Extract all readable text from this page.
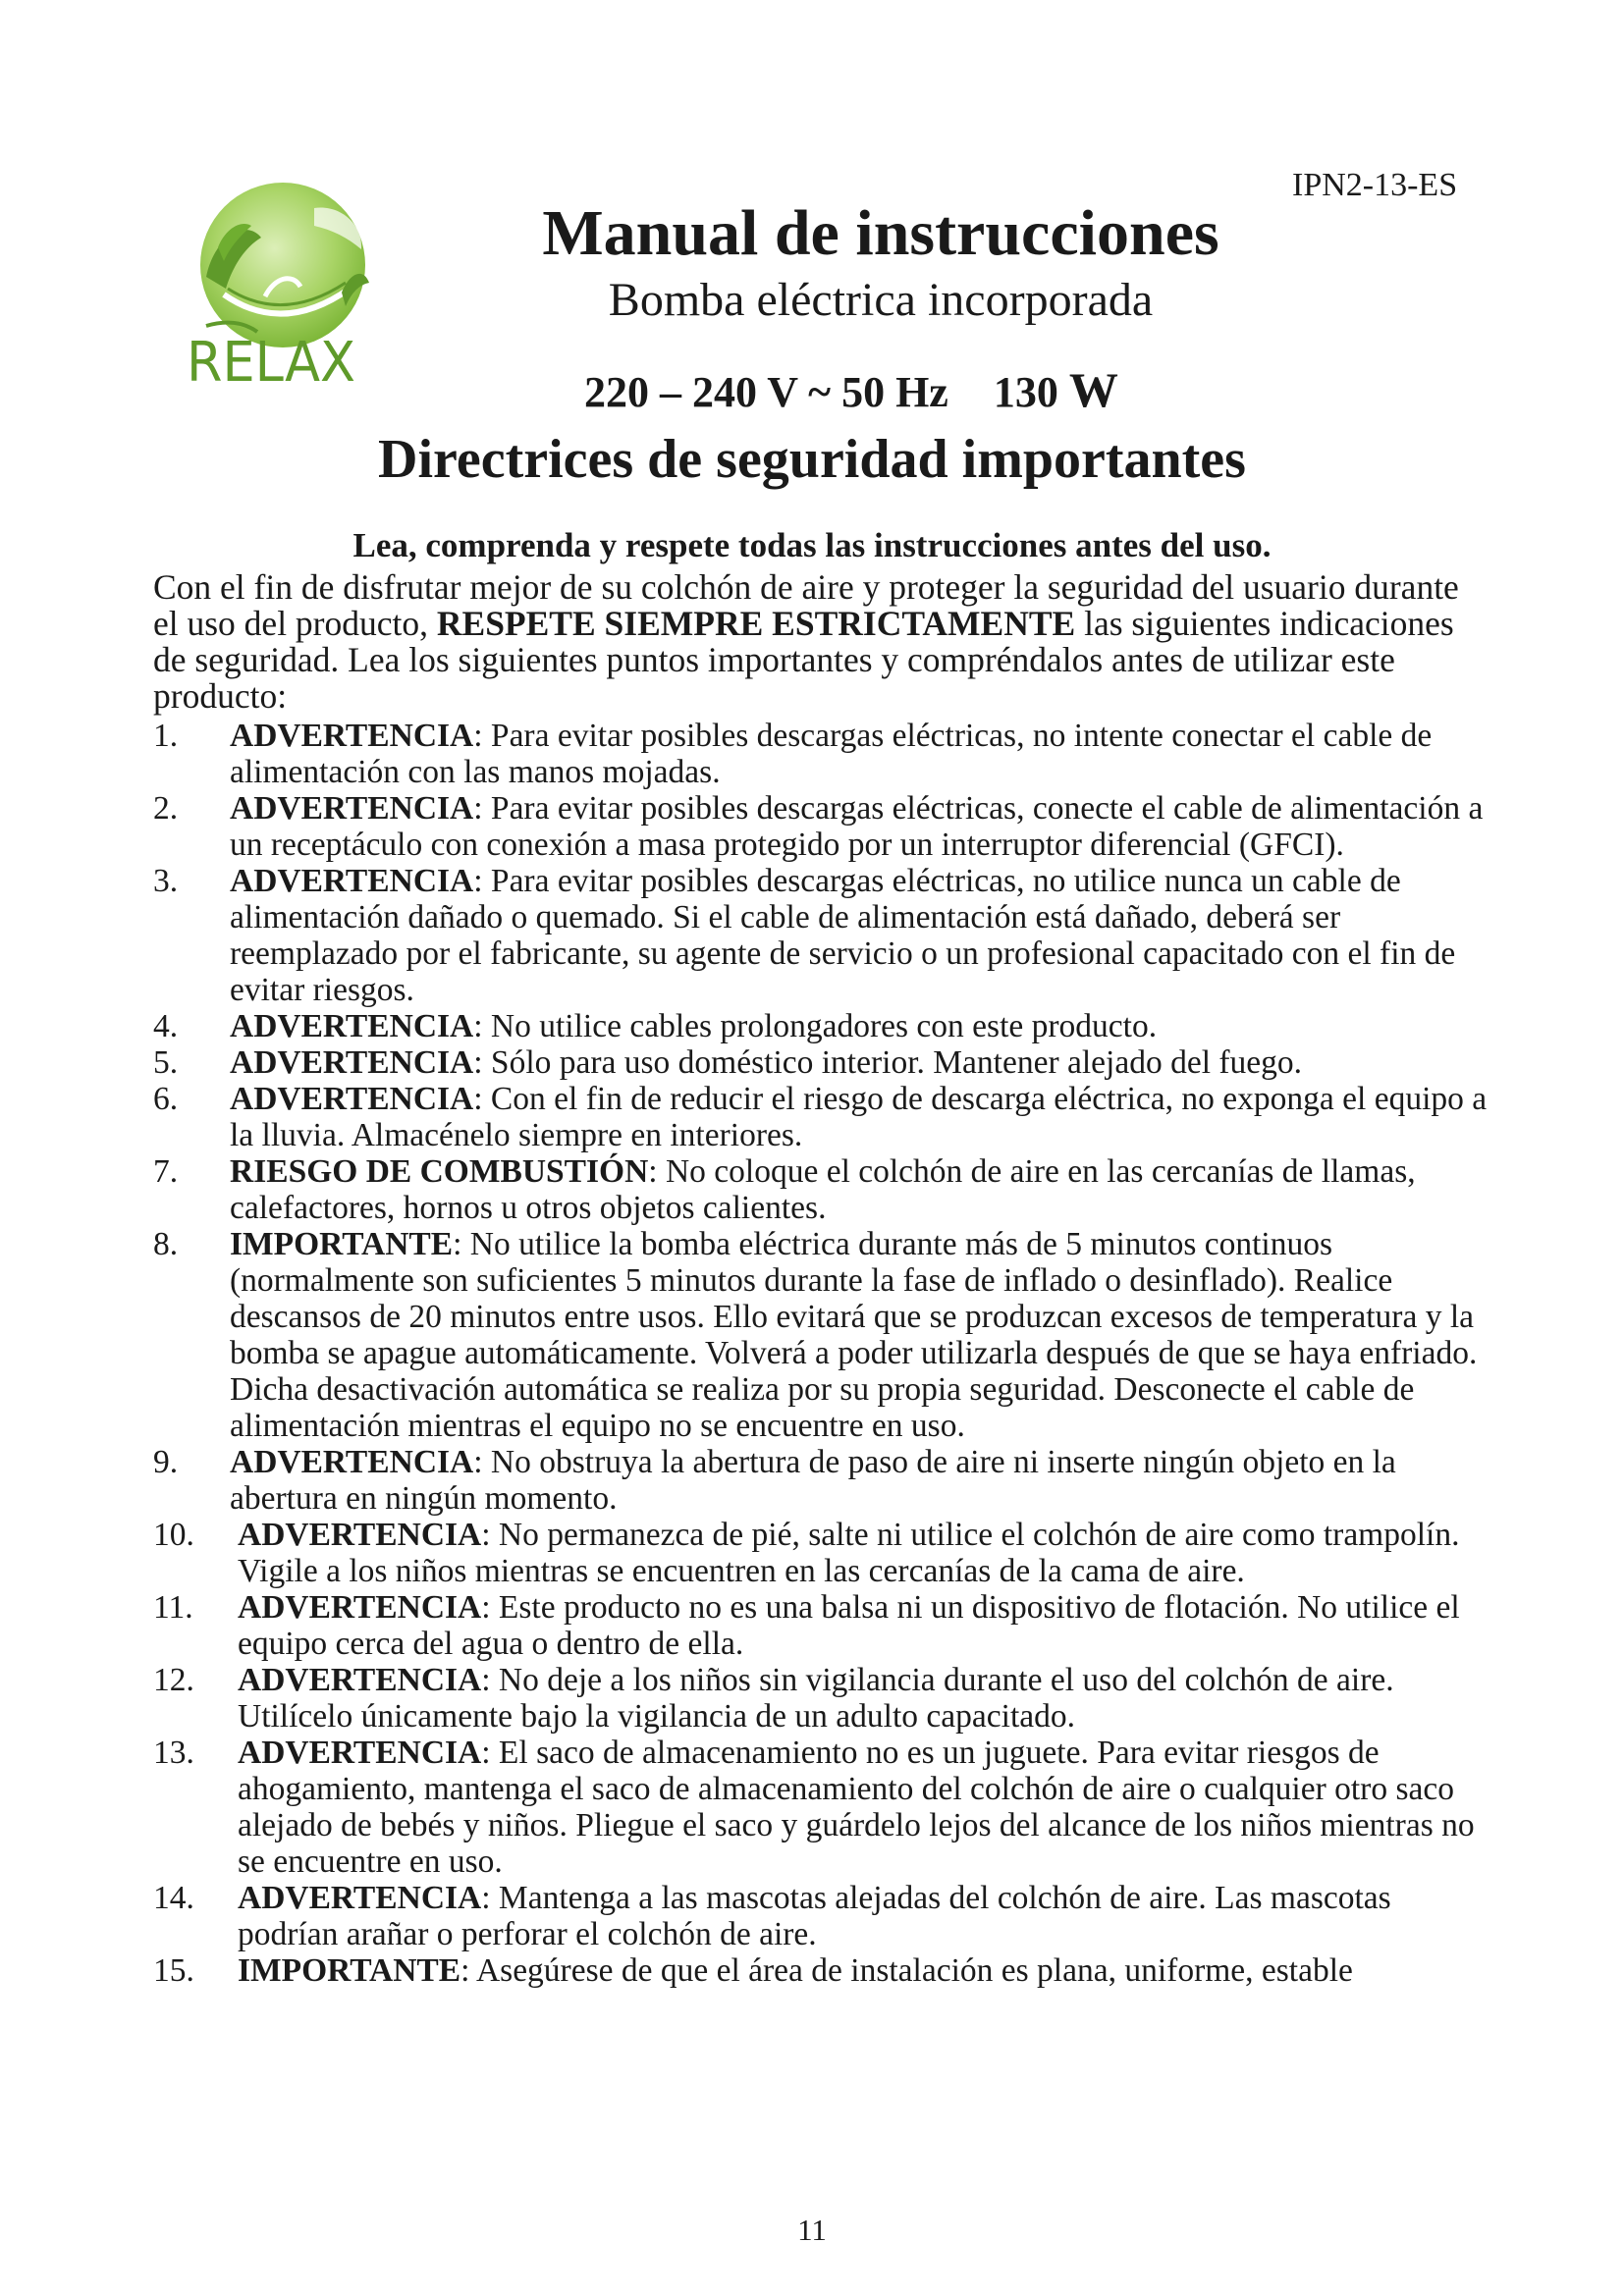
IPN2-13-ES
RELAX
Manual de instrucciones
Bomba eléctrica incorporada
220 – 240 V ~ 50 Hz 130 W
Directrices de seguridad importantes
Lea, comprenda y respete todas las instrucciones antes del uso.
Con el fin de disfrutar mejor de su colchón de aire y proteger la seguridad del usuario durante el uso del producto, RESPETE SIEMPRE ESTRICTAMENTE las siguientes indicaciones de seguridad. Lea los siguientes puntos importantes y compréndalos antes de utilizar este producto:
1. ADVERTENCIA: Para evitar posibles descargas eléctricas, no intente conectar el cable de alimentación con las manos mojadas.
2. ADVERTENCIA: Para evitar posibles descargas eléctricas, conecte el cable de alimentación a un receptáculo con conexión a masa protegido por un interruptor diferencial (GFCI).
3. ADVERTENCIA: Para evitar posibles descargas eléctricas, no utilice nunca un cable de alimentación dañado o quemado. Si el cable de alimentación está dañado, deberá ser reemplazado por el fabricante, su agente de servicio o un profesional capacitado con el fin de evitar riesgos.
4. ADVERTENCIA: No utilice cables prolongadores con este producto.
5. ADVERTENCIA: Sólo para uso doméstico interior. Mantener alejado del fuego.
6. ADVERTENCIA: Con el fin de reducir el riesgo de descarga eléctrica, no exponga el equipo a la lluvia. Almacénelo siempre en interiores.
7. RIESGO DE COMBUSTIÓN: No coloque el colchón de aire en las cercanías de llamas, calefactores, hornos u otros objetos calientes.
8. IMPORTANTE: No utilice la bomba eléctrica durante más de 5 minutos continuos (normalmente son suficientes 5 minutos durante la fase de inflado o desinflado). Realice descansos de 20 minutos entre usos. Ello evitará que se produzcan excesos de temperatura y la bomba se apague automáticamente. Volverá a poder utilizarla después de que se haya enfriado. Dicha desactivación automática se realiza por su propia seguridad. Desconecte el cable de alimentación mientras el equipo no se encuentre en uso.
9. ADVERTENCIA: No obstruya la abertura de paso de aire ni inserte ningún objeto en la abertura en ningún momento.
10. ADVERTENCIA: No permanezca de pié, salte ni utilice el colchón de aire como trampolín. Vigile a los niños mientras se encuentren en las cercanías de la cama de aire.
11. ADVERTENCIA: Este producto no es una balsa ni un dispositivo de flotación. No utilice el equipo cerca del agua o dentro de ella.
12. ADVERTENCIA: No deje a los niños sin vigilancia durante el uso del colchón de aire. Utilícelo únicamente bajo la vigilancia de un adulto capacitado.
13. ADVERTENCIA: El saco de almacenamiento no es un juguete. Para evitar riesgos de ahogamiento, mantenga el saco de almacenamiento del colchón de aire o cualquier otro saco alejado de bebés y niños. Pliegue el saco y guárdelo lejos del alcance de los niños mientras no se encuentre en uso.
14. ADVERTENCIA: Mantenga a las mascotas alejadas del colchón de aire. Las mascotas podrían arañar o perforar el colchón de aire.
15. IMPORTANTE: Asegúrese de que el área de instalación es plana, uniforme, estable
11
